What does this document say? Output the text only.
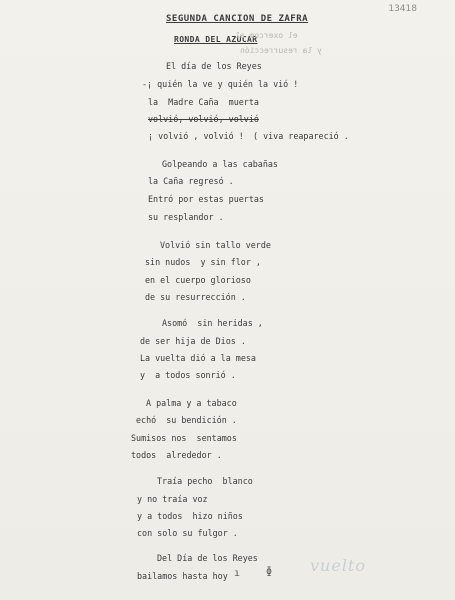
13418
SEGUNDA CANCION DE ZAFRA
RONDA DEL AZUCAR
el oxercom al
y la resurrección
El día de los Reyes
-¡ quién la ve y quién la vió !
la  Madre Caña  muerta
volvió, volvió, volvió
¡ volvió , volvió ! ( viva reapareció .
Golpeando a las cabañas
la Caña regresó .
Entró por estas puertas
su resplandor .
Volvió sin tallo verde
sin nudos  y sin flor ,
en el cuerpo glorioso
de su resurrección .
Asomó  sin heridas ,
de ser hija de Dios .
La vuelta dió a la mesa
y  a todos sonrió .
A palma y a tabaco
echó  su bendición .
Sumisos nos  sentamos
todos  alrededor .
Traía pecho  blanco
y no traía voz
y a todos  hizo niños
con solo su fulgor .
Del Día de los Reyes
bailamos hasta hoy ı	ɸ vuelto
